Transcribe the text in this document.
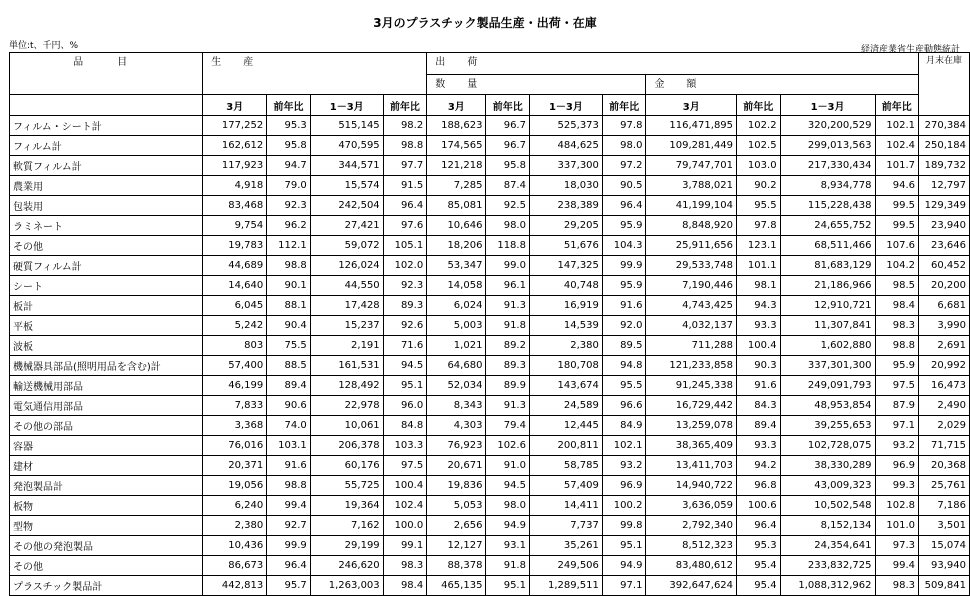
3月のプラスチック製品生産・出荷・在庫
単位:t、千円、%	経済産業省生産動態統計
品　目	生　産				出　荷								月末在庫
					数　量				金　額				
	3月	前年比	1－3月	前年比	3月	前年比	1－3月	前年比	3月	前年比	1－3月	前年比	
フィルム・シート計	177,252	95.3	515,145	98.2	188,623	96.7	525,373	97.8	116,471,895	102.2	320,200,529	102.1	270,384
フィルム計	162,612	95.8	470,595	98.8	174,565	96.7	484,625	98.0	109,281,449	102.5	299,013,563	102.4	250,184
軟質フィルム計	117,923	94.7	344,571	97.7	121,218	95.8	337,300	97.2	79,747,701	103.0	217,330,434	101.7	189,732
農業用	4,918	79.0	15,574	91.5	7,285	87.4	18,030	90.5	3,788,021	90.2	8,934,778	94.6	12,797
包装用	83,468	92.3	242,504	96.4	85,081	92.5	238,389	96.4	41,199,104	95.5	115,228,438	99.5	129,349
ラミネート	9,754	96.2	27,421	97.6	10,646	98.0	29,205	95.9	8,848,920	97.8	24,655,752	99.5	23,940
その他	19,783	112.1	59,072	105.1	18,206	118.8	51,676	104.3	25,911,656	123.1	68,511,466	107.6	23,646
硬質フィルム計	44,689	98.8	126,024	102.0	53,347	99.0	147,325	99.9	29,533,748	101.1	81,683,129	104.2	60,452
シート	14,640	90.1	44,550	92.3	14,058	96.1	40,748	95.9	7,190,446	98.1	21,186,966	98.5	20,200
板計	6,045	88.1	17,428	89.3	6,024	91.3	16,919	91.6	4,743,425	94.3	12,910,721	98.4	6,681
平板	5,242	90.4	15,237	92.6	5,003	91.8	14,539	92.0	4,032,137	93.3	11,307,841	98.3	3,990
波板	803	75.5	2,191	71.6	1,021	89.2	2,380	89.5	711,288	100.4	1,602,880	98.8	2,691
機械器具部品(照明用品を含む)計	57,400	88.5	161,531	94.5	64,680	89.3	180,708	94.8	121,233,858	90.3	337,301,300	95.9	20,992
輸送機械用部品	46,199	89.4	128,492	95.1	52,034	89.9	143,674	95.5	91,245,338	91.6	249,091,793	97.5	16,473
電気通信用部品	7,833	90.6	22,978	96.0	8,343	91.3	24,589	96.6	16,729,442	84.3	48,953,854	87.9	2,490
その他の部品	3,368	74.0	10,061	84.8	4,303	79.4	12,445	84.9	13,259,078	89.4	39,255,653	97.1	2,029
容器	76,016	103.1	206,378	103.3	76,923	102.6	200,811	102.1	38,365,409	93.3	102,728,075	93.2	71,715
建材	20,371	91.6	60,176	97.5	20,671	91.0	58,785	93.2	13,411,703	94.2	38,330,289	96.9	20,368
発泡製品計	19,056	98.8	55,725	100.4	19,836	94.5	57,409	96.9	14,940,722	96.8	43,009,323	99.3	25,761
板物	6,240	99.4	19,364	102.4	5,053	98.0	14,411	100.2	3,636,059	100.6	10,502,548	102.8	7,186
型物	2,380	92.7	7,162	100.0	2,656	94.9	7,737	99.8	2,792,340	96.4	8,152,134	101.0	3,501
その他の発泡製品	10,436	99.9	29,199	99.1	12,127	93.1	35,261	95.1	8,512,323	95.3	24,354,641	97.3	15,074
その他	86,673	96.4	246,620	98.3	88,378	91.8	249,506	94.9	83,480,612	95.4	233,832,725	99.4	93,940
プラスチック製品計	442,813	95.7	1,263,003	98.4	465,135	95.1	1,289,511	97.1	392,647,624	95.4	1,088,312,962	98.3	509,841
